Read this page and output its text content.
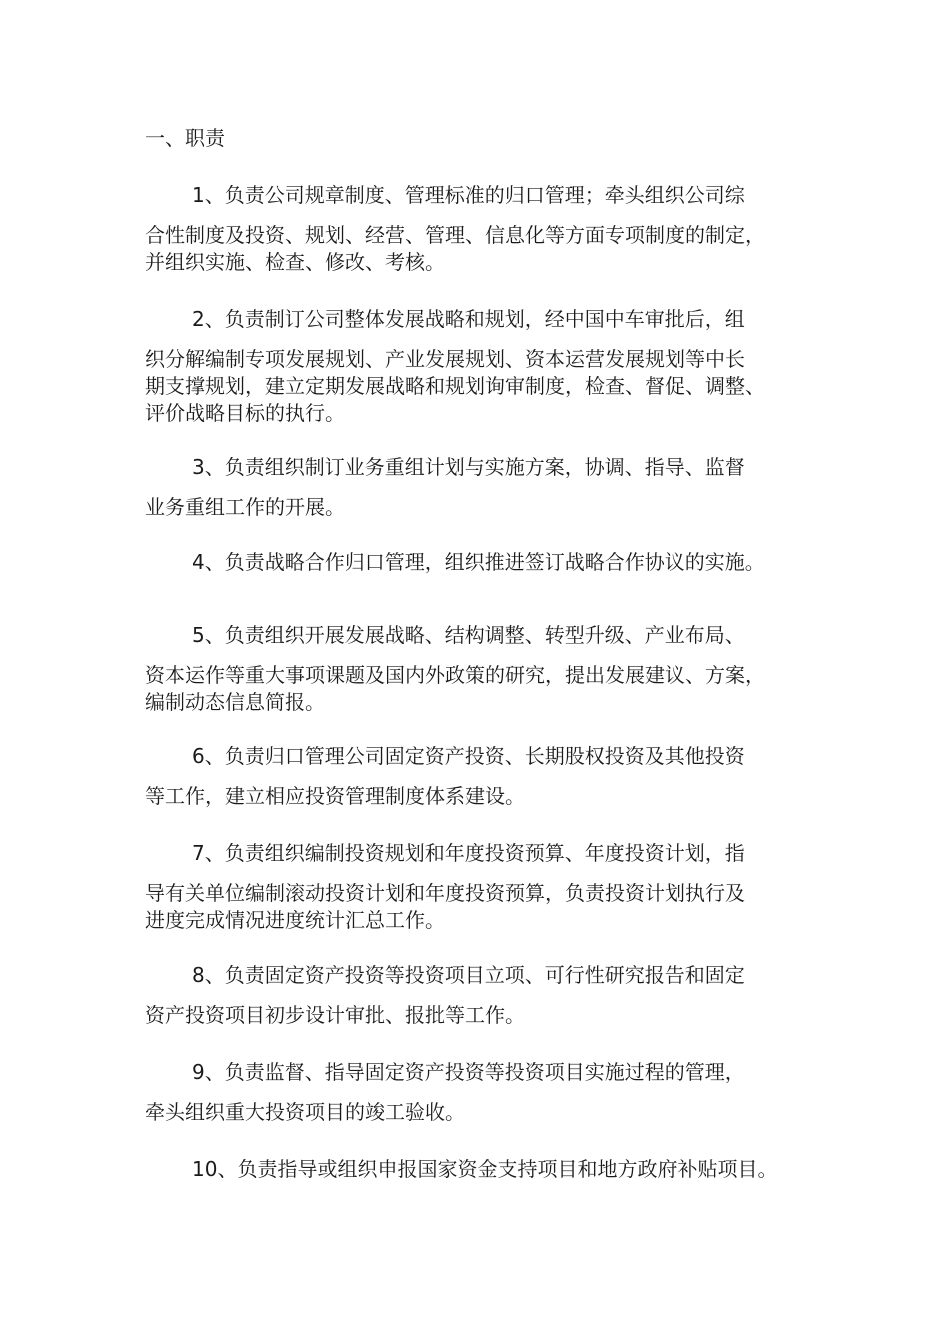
一、职责
1、负责公司规章制度、管理标准的归口管理；牵头组织公司综
合性制度及投资、规划、经营、管理、信息化等方面专项制度的制定，
并组织实施、检查、修改、考核。
2、负责制订公司整体发展战略和规划，经中国中车审批后，组
织分解编制专项发展规划、产业发展规划、资本运营发展规划等中长
期支撑规划，建立定期发展战略和规划询审制度，检查、督促、调整、
评价战略目标的执行。
3、负责组织制订业务重组计划与实施方案，协调、指导、监督
业务重组工作的开展。
4、负责战略合作归口管理，组织推进签订战略合作协议的实施。
5、负责组织开展发展战略、结构调整、转型升级、产业布局、
资本运作等重大事项课题及国内外政策的研究，提出发展建议、方案，
编制动态信息简报。
6、负责归口管理公司固定资产投资、长期股权投资及其他投资
等工作，建立相应投资管理制度体系建设。
7、负责组织编制投资规划和年度投资预算、年度投资计划，指
导有关单位编制滚动投资计划和年度投资预算，负责投资计划执行及
进度完成情况进度统计汇总工作。
8、负责固定资产投资等投资项目立项、可行性研究报告和固定
资产投资项目初步设计审批、报批等工作。
9、负责监督、指导固定资产投资等投资项目实施过程的管理，
牵头组织重大投资项目的竣工验收。
10、负责指导或组织申报国家资金支持项目和地方政府补贴项目。
